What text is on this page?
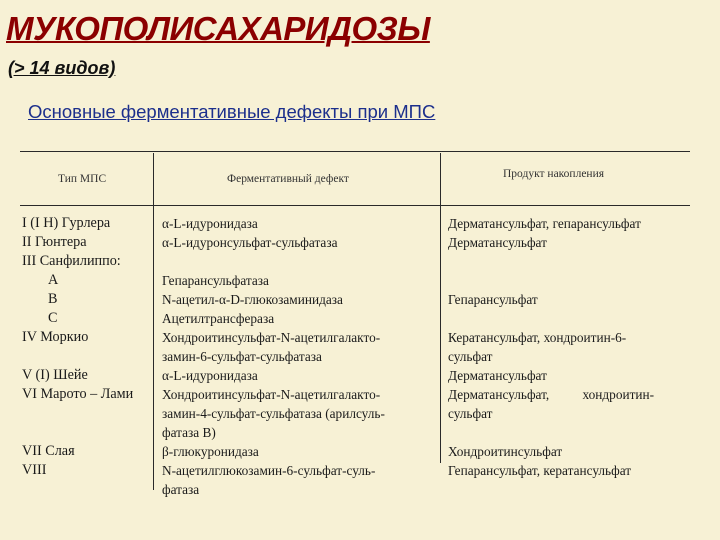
МУКОПОЛИСАХАРИДОЗЫ
(> 14 видов)
Основные ферментативные дефекты при МПС
Тип МПС	Ферментативный дефект	Продукт накопления
I (I H) Гурлера
II Гюнтера
III Санфилиппо:
A
B
C
IV Моркио
V (I) Шейе
VI Марото – Лами
VII Слая
VIII
α-L-идуронидаза
α-L-идуронсульфат-сульфатаза
Гепарансульфатаза
N-ацетил-α-D-глюкозаминидаза
Ацетилтрансфераза
Хондроитинсульфат-N-ацетилгалакто-
замин-6-сульфат-сульфатаза
α-L-идуронидаза
Хондроитинсульфат-N-ацетилгалакто-
замин-4-сульфат-сульфатаза (арилсуль-
фатаза В)
β-глюкуронидаза
N-ацетилглюкозамин-6-сульфат-суль-
фатаза
Дерматансульфат, гепарансульфат
Дерматансульфат
Гепарансульфат
Кератансульфат, хондроитин-6-
сульфат
Дерматансульфат
Дерматансульфат,          хондроитин-
сульфат
Хондроитинсульфат
Гепарансульфат, кератансульфат
